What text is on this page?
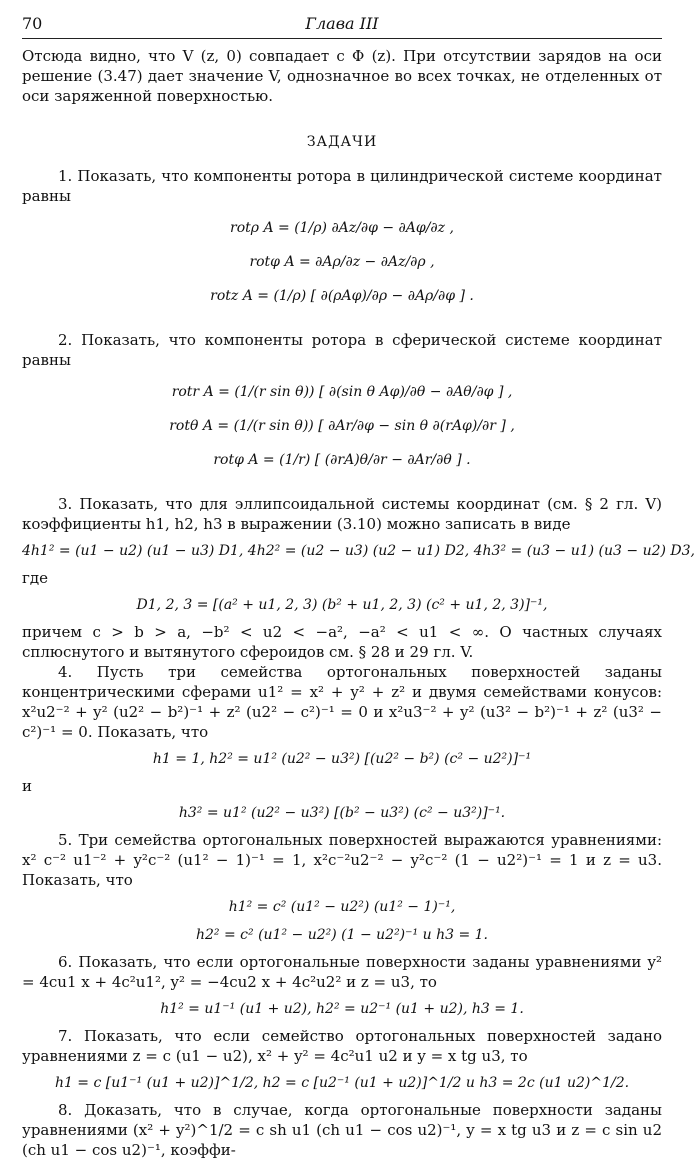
70	Глава III

Отсюда видно, что V (z, 0) совпадает с Φ (z). При отсутствии зарядов на оси решение (3.47) дает значение V, однозначное во всех точках, не отделенных от оси заряженной поверхностью.

ЗАДАЧИ

1. Показать, что компоненты ротора в цилиндрической системе координат равны

rotρ A = (1/ρ) ∂Az/∂φ − ∂Aφ/∂z ,
rotφ A = ∂Aρ/∂z − ∂Az/∂ρ ,
rotz A = (1/ρ) [ ∂(ρAφ)/∂ρ − ∂Aρ/∂φ ] .

2. Показать, что компоненты ротора в сферической системе координат равны

rotr A = (1/(r sin θ)) [ ∂(sin θ Aφ)/∂θ − ∂Aθ/∂φ ] ,
rotθ A = (1/(r sin θ)) [ ∂Ar/∂φ − sin θ ∂(rAφ)/∂r ] ,
rotφ A = (1/r) [ (∂rA)θ/∂r − ∂Ar/∂θ ] .

3. Показать, что для эллипсоидальной системы координат (см. § 2 гл. V) коэффициенты h1, h2, h3 в выражении (3.10) можно записать в виде

4h1² = (u1 − u2) (u1 − u3) D1, 4h2² = (u2 − u3) (u2 − u1) D2, 4h3² = (u3 − u1) (u3 − u2) D3,

где

D1, 2, 3 = [(a² + u1, 2, 3) (b² + u1, 2, 3) (c² + u1, 2, 3)]⁻¹,

причем c > b > a, −b² < u2 < −a², −a² < u1 < ∞. О частных случаях сплюснутого и вытянутого сфероидов см. § 28 и 29 гл. V.

4. Пусть три семейства ортогональных поверхностей заданы концентрическими сферами u1² = x² + y² + z² и двумя семействами конусов: x²u2⁻² + y² (u2² − b²)⁻¹ + z² (u2² − c²)⁻¹ = 0 и x²u3⁻² + y² (u3² − b²)⁻¹ + z² (u3² − c²)⁻¹ = 0. Показать, что

h1 = 1, h2² = u1² (u2² − u3²) [(u2² − b²) (c² − u2²)]⁻¹

и

h3² = u1² (u2² − u3²) [(b² − u3²) (c² − u3²)]⁻¹.

5. Три семейства ортогональных поверхностей выражаются уравнениями: x² c⁻² u1⁻² + y²c⁻² (u1² − 1)⁻¹ = 1, x²c⁻²u2⁻² − y²c⁻² (1 − u2²)⁻¹ = 1 и z = u3. Показать, что

h1² = c² (u1² − u2²) (u1² − 1)⁻¹,
h2² = c² (u1² − u2²) (1 − u2²)⁻¹ и h3 = 1.

6. Показать, что если ортогональные поверхности заданы уравнениями y² = 4cu1 x + 4c²u1², y² = −4cu2 x + 4c²u2² и z = u3, то

h1² = u1⁻¹ (u1 + u2), h2² = u2⁻¹ (u1 + u2), h3 = 1.

7. Показать, что если семейство ортогональных поверхностей задано уравнениями z = c (u1 − u2), x² + y² = 4c²u1 u2 и y = x tg u3, то

h1 = c [u1⁻¹ (u1 + u2)]^1/2, h2 = c [u2⁻¹ (u1 + u2)]^1/2 и h3 = 2c (u1 u2)^1/2.

8. Доказать, что в случае, когда ортогональные поверхности заданы уравнениями (x² + y²)^1/2 = c sh u1 (ch u1 − cos u2)⁻¹, y = x tg u3 и z = c sin u2 (ch u1 − cos u2)⁻¹, коэффи-
